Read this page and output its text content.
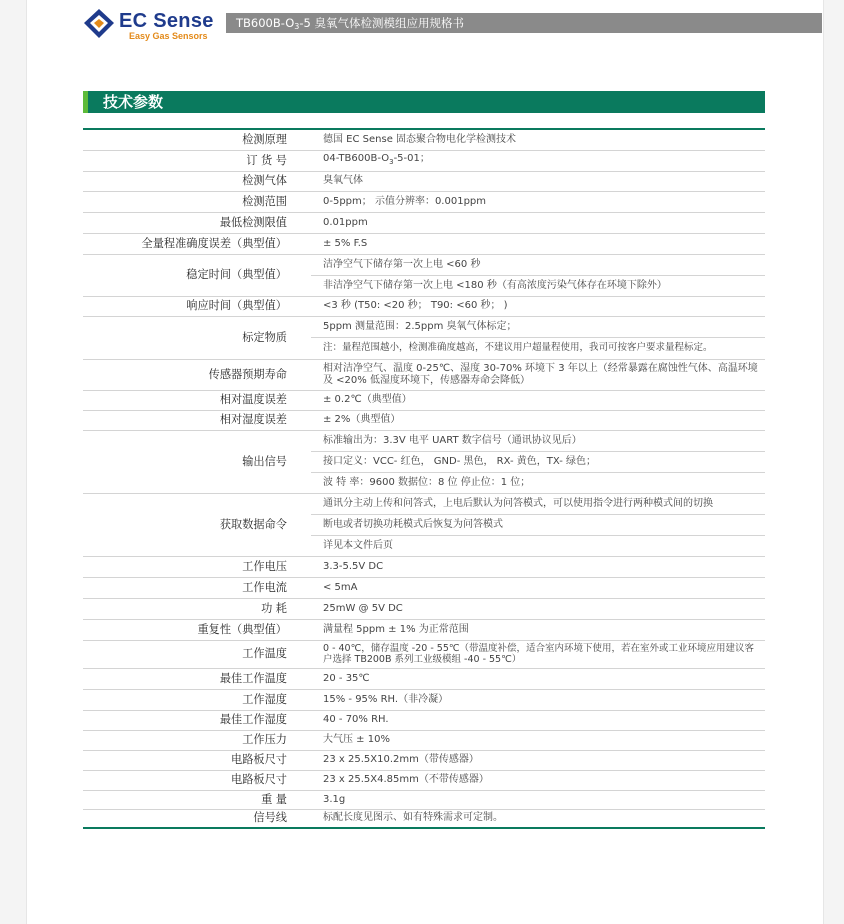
EC Sense
Easy Gas Sensors
$TB600B-O_3-5$ 臭氧气体检测模组应用规格书
技术参数
检测原理	德国 EC Sense 固态聚合物电化学检测技术
订 货 号	$04-TB600B-O_3-5-01$；
检测气体	臭氧气体
检测范围	0-5ppm； 示值分辨率：0.001ppm
最低检测限值	0.01ppm
全量程准确度误差（典型值）	± 5% F.S
稳定时间（典型值）	洁净空气下储存第一次上电 <60 秒
	非洁净空气下储存第一次上电 <180 秒（有高浓度污染气体存在环境下除外）
响应时间（典型值）	<3 秒 (T50: <20 秒； T90: <60 秒； )
标定物质	5ppm 测量范围：2.5ppm 臭氧气体标定；
	注：量程范围越小，检测准确度越高，不建议用户超量程使用，我司可按客户要求量程标定。
传感器预期寿命	相对洁净空气、温度 0-25℃、湿度 30-70% 环境下 3 年以上（经常暴露在腐蚀性气体、高温环境及 <20% 低湿度环境下，传感器寿命会降低）
相对温度误差	± 0.2℃（典型值）
相对湿度误差	± 2%（典型值）
输出信号	标准输出为：3.3V 电平 UART 数字信号（通讯协议见后）
	接口定义：VCC- 红色， GND- 黑色， RX- 黄色，TX- 绿色；
	波 特 率：9600 数据位：8 位 停止位：1 位；
获取数据命令	通讯分主动上传和问答式，上电后默认为问答模式，可以使用指令进行两种模式间的切换
	断电或者切换功耗模式后恢复为问答模式
	详见本文件后页
工作电压	3.3-5.5V DC
工作电流	< 5mA
功 耗	25mW @ 5V DC
重复性（典型值）	满量程 5ppm ± 1% 为正常范围
工作温度	0 - 40℃，储存温度 -20 - 55℃（带温度补偿，适合室内环境下使用，若在室外或工业环境应用建议客户选择 TB200B 系列工业级模组 -40 - 55℃）
最佳工作温度	20 - 35℃
工作湿度	15% - 95% RH.（非冷凝）
最佳工作湿度	40 - 70% RH.
工作压力	大气压 ± 10%
电路板尺寸	23 x 25.5X10.2mm（带传感器）
电路板尺寸	23 x 25.5X4.85mm（不带传感器）
重 量	3.1g
信号线	标配长度见图示、如有特殊需求可定制。
